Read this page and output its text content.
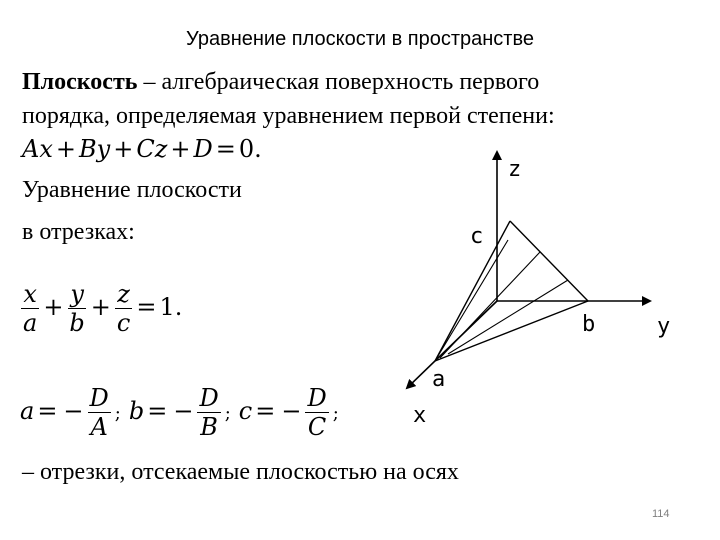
Уравнение плоскости в пространстве
Плоскость – алгебраическая поверхность первого
порядка, определяемая уравнением первой степени:
Ax + By + Cz + D = 0.
Уравнение плоскости
в отрезках:
$\frac{x}{a} + \frac{y}{b} + \frac{z}{c} = 1$.
a = − $\frac{D}{A}$ ; b = − $\frac{D}{B}$ ; c = − $\frac{D}{C}$ ;
– отрезки, отсекаемые плоскостью на осях
z
y
x
c
b
a
114
